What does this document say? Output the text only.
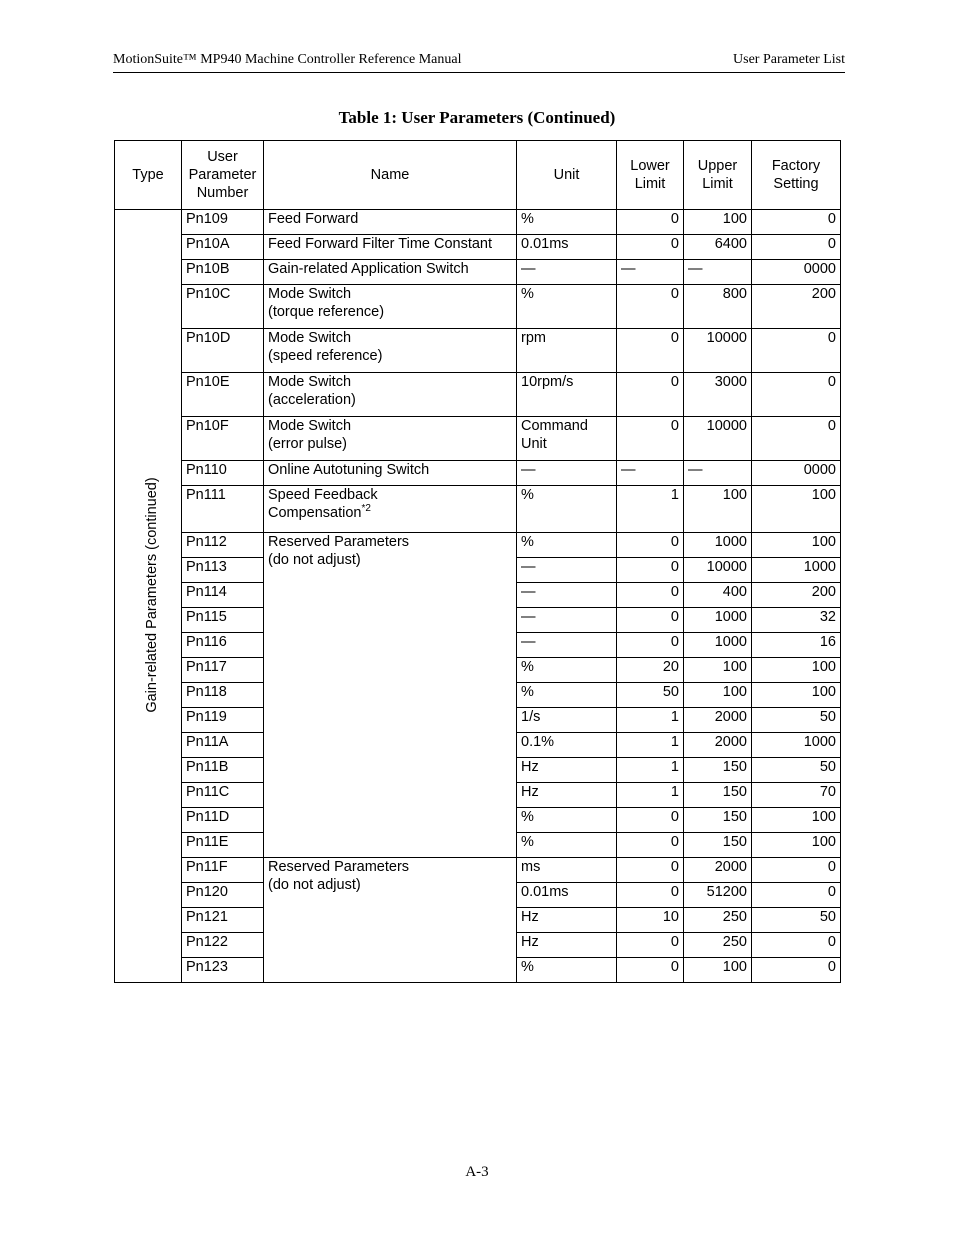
MotionSuite™ MP940 Machine Controller Reference Manual	User Parameter List
Table 1: User Parameters (Continued)
Type	User Parameter Number	Name	Unit	Lower Limit	Upper Limit	Factory Setting

Gain-related Parameters (continued)	Pn109	Feed Forward	%	0	100	0
	Pn10A	Feed Forward Filter Time Constant	0.01ms	0	6400	0
	Pn10B	Gain-related Application Switch	—	—	—	0000
	Pn10C	Mode Switch
(torque reference)	%	0	800	200
	Pn10D	Mode Switch
(speed reference)	rpm	0	10000	0
	Pn10E	Mode Switch
(acceleration)	10rpm/s	0	3000	0
	Pn10F	Mode Switch
(error pulse)	Command
Unit	0	10000	0
	Pn110	Online Autotuning Switch	—	—	—	0000
	Pn111	Speed Feedback
Compensation$^{*2}$	%	1	100	100
	Pn112	Reserved Parameters
(do not adjust)	%	0	1000	100
	Pn113		—	0	10000	1000
	Pn114		—	0	400	200
	Pn115		—	0	1000	32
	Pn116		—	0	1000	16
	Pn117		%	20	100	100
	Pn118		%	50	100	100
	Pn119		1/s	1	2000	50
	Pn11A		0.1%	1	2000	1000
	Pn11B		Hz	1	150	50
	Pn11C		Hz	1	150	70
	Pn11D		%	0	150	100
	Pn11E		%	0	150	100
	Pn11F	Reserved Parameters
(do not adjust)	ms	0	2000	0
	Pn120		0.01ms	0	51200	0
	Pn121		Hz	10	250	50
	Pn122		Hz	0	250	0
	Pn123		%	0	100	0
A-3
